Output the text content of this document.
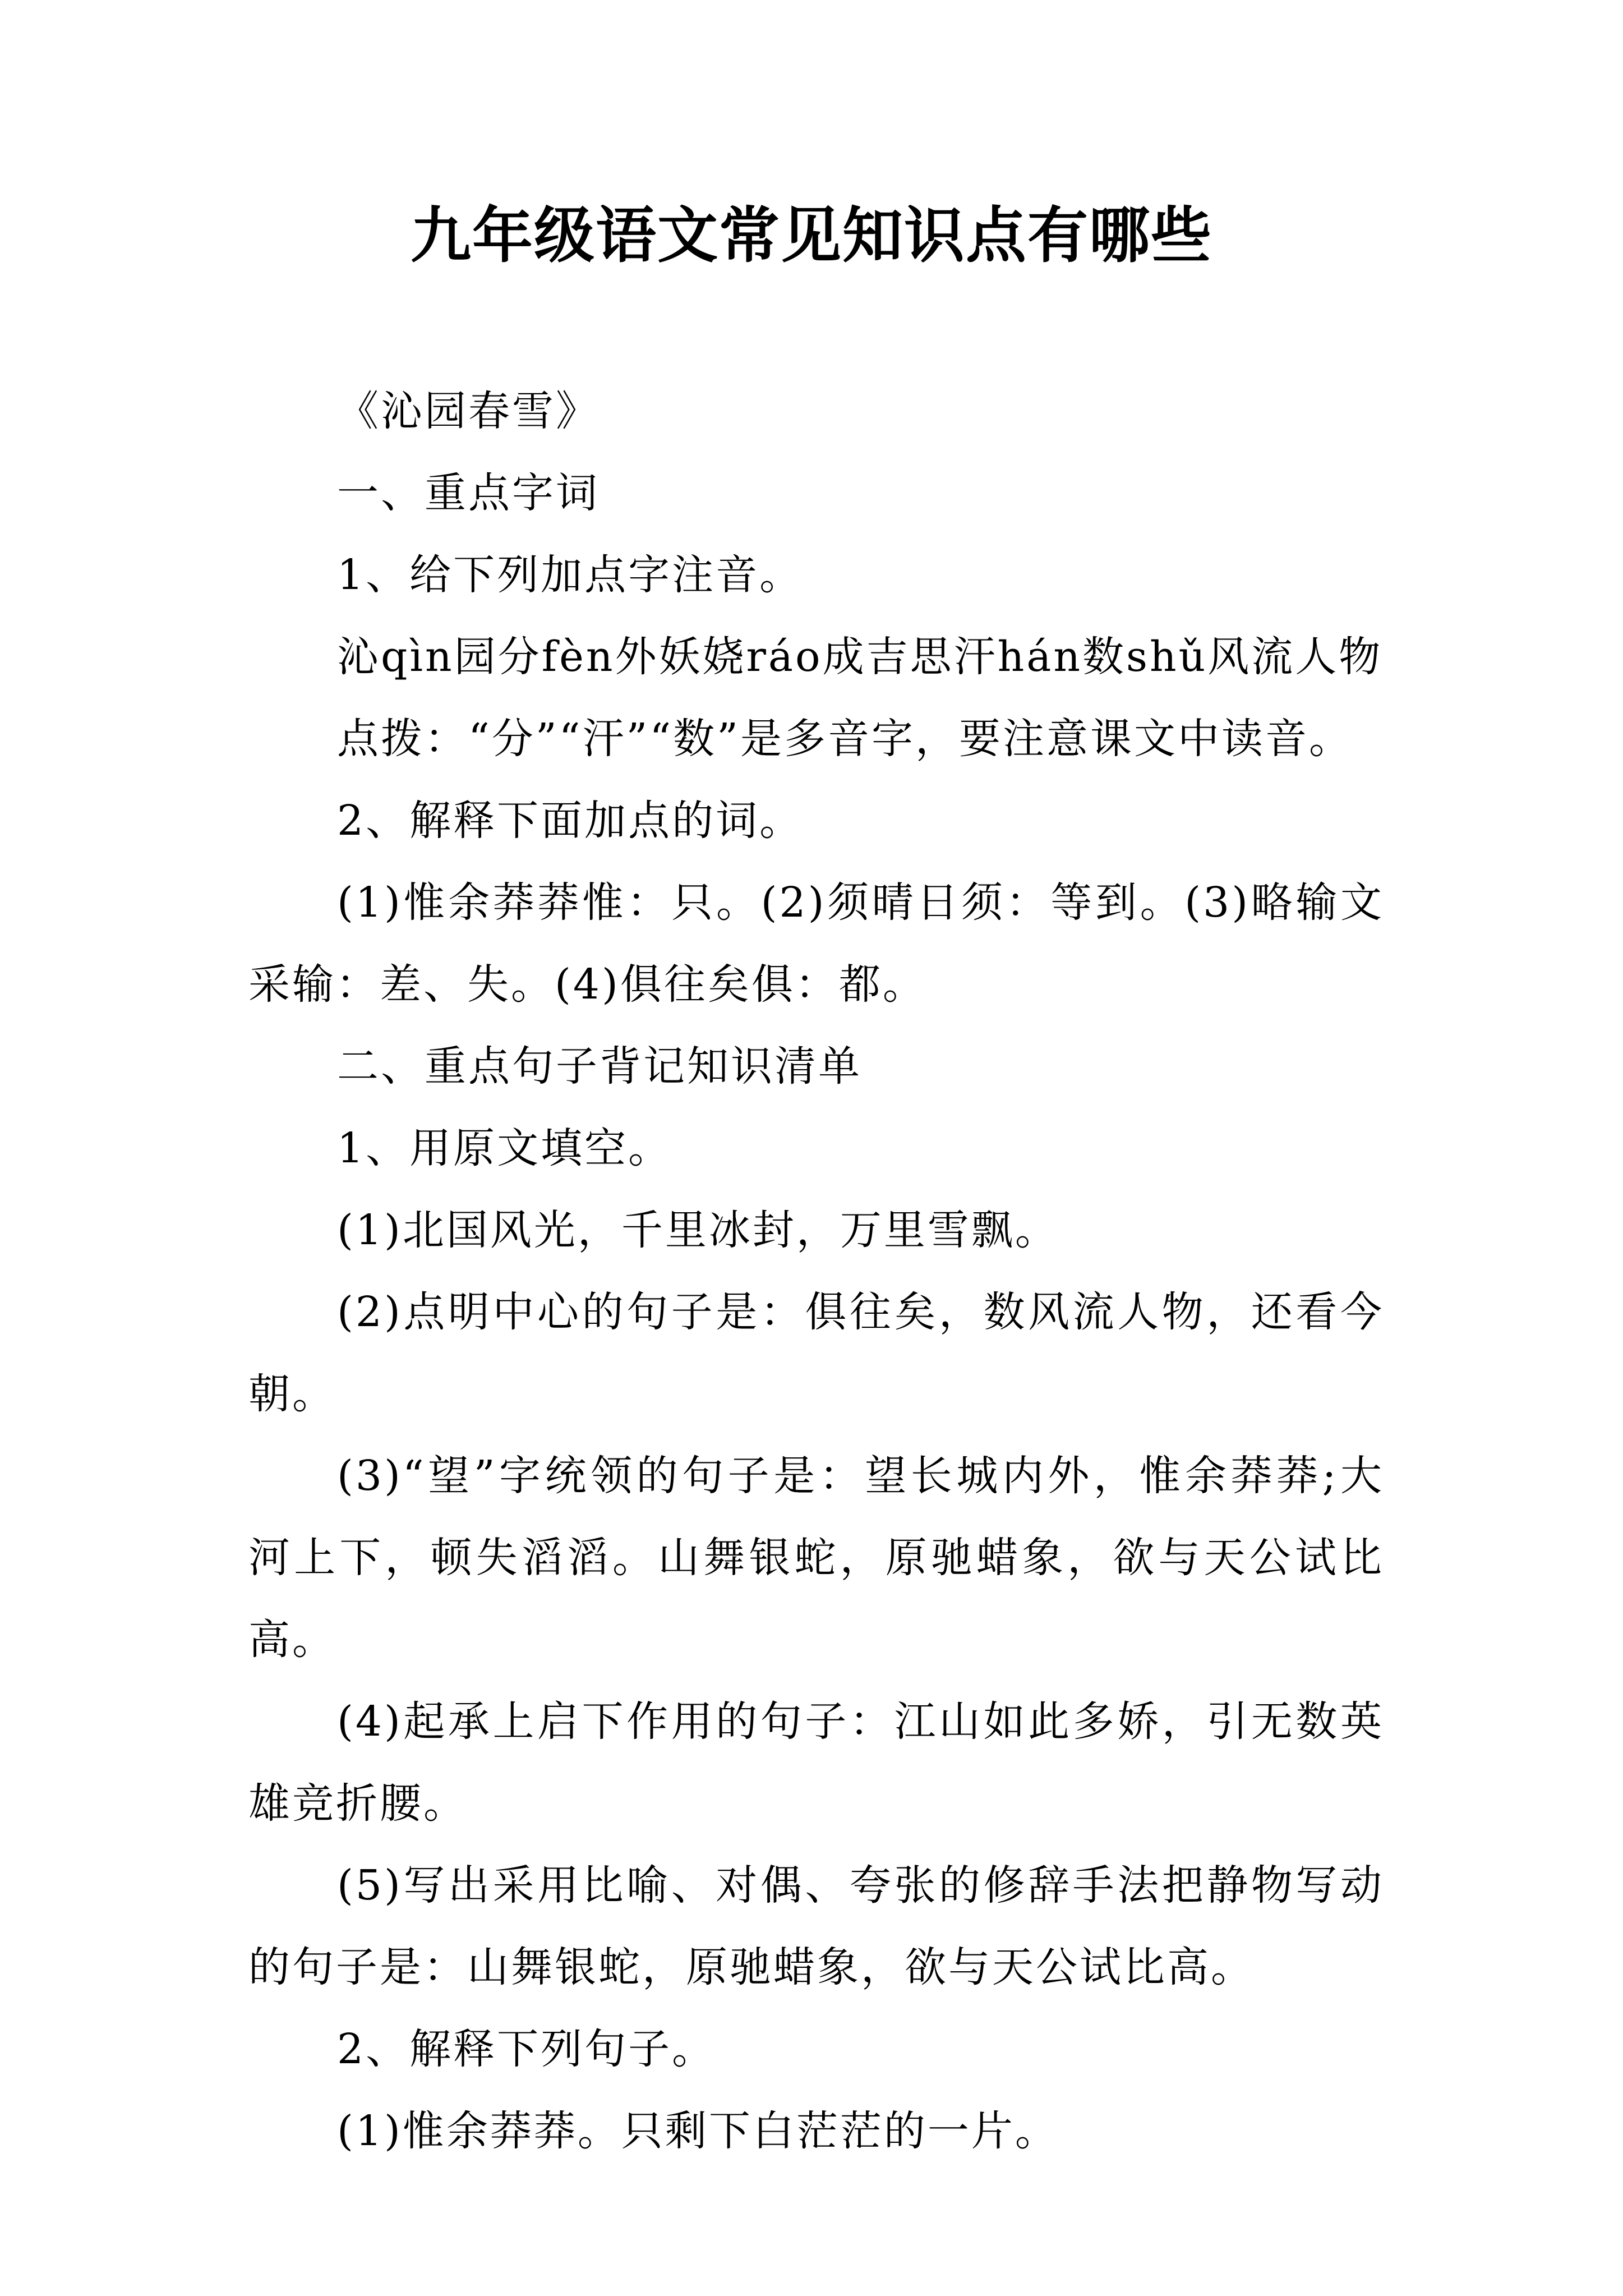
九年级语文常见知识点有哪些

《沁园春雪》

一、重点字词

1、给下列加点字注音。

沁qìn园分fèn外妖娆ráo成吉思汗hán数shǔ风流人物

点拨：“分”“汗”“数”是多音字，要注意课文中读音。

2、解释下面加点的词。

(1)惟余莽莽惟：只。(2)须晴日须：等到。(3)略输文采输：差、失。(4)俱往矣俱：都。

二、重点句子背记知识清单

1、用原文填空。

(1)北国风光，千里冰封，万里雪飘。

(2)点明中心的句子是：俱往矣，数风流人物，还看今朝。

(3)“望”字统领的句子是：望长城内外，惟余莽莽;大河上下，顿失滔滔。山舞银蛇，原驰蜡象，欲与天公试比高。

(4)起承上启下作用的句子：江山如此多娇，引无数英雄竞折腰。

(5)写出采用比喻、对偶、夸张的修辞手法把静物写动的句子是：山舞银蛇，原驰蜡象，欲与天公试比高。

2、解释下列句子。

(1)惟余莽莽。只剩下白茫茫的一片。
